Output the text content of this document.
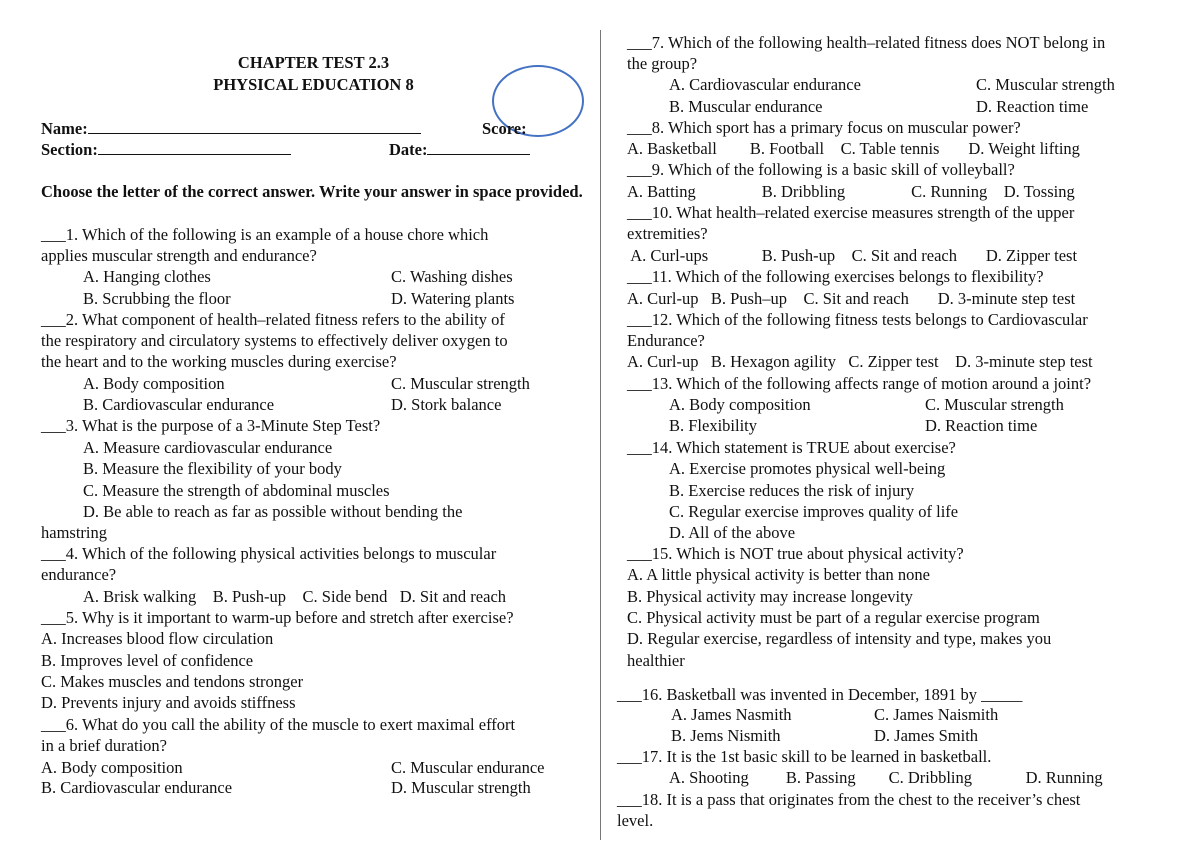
CHAPTER TEST 2.3
PHYSICAL EDUCATION 8
Name:	Score:
Section:	Date:
Choose the letter of the correct answer. Write your answer in space provided.
___1. Which of the following is an example of a house chore which
applies muscular strength and endurance?
A. Hanging clothes	C. Washing dishes
B. Scrubbing the floor	D. Watering plants
___2. What component of health–related fitness refers to the ability of
the respiratory and circulatory systems to effectively deliver oxygen to
the heart and to the working muscles during exercise?
A. Body composition	C. Muscular strength
B. Cardiovascular endurance	D. Stork balance
___3. What is the purpose of a 3-Minute Step Test?
A. Measure cardiovascular endurance
B. Measure the flexibility of your body
C. Measure the strength of abdominal muscles
D. Be able to reach as far as possible without bending the
hamstring
___4. Which of the following physical activities belongs to muscular
endurance?
A. Brisk walking    B. Push-up    C. Side bend   D. Sit and reach
___5. Why is it important to warm-up before and stretch after exercise?
A. Increases blood flow circulation
B. Improves level of confidence
C. Makes muscles and tendons stronger
D. Prevents injury and avoids stiffness
___6. What do you call the ability of the muscle to exert maximal effort
in a brief duration?
A. Body composition	C. Muscular endurance
B. Cardiovascular endurance	D. Muscular strength
___7. Which of the following health–related fitness does NOT belong in
the group?
A. Cardiovascular endurance	C. Muscular strength
B. Muscular endurance	D. Reaction time
___8. Which sport has a primary focus on muscular power?
A. Basketball        B. Football    C. Table tennis       D. Weight lifting
___9. Which of the following is a basic skill of volleyball?
A. Batting                B. Dribbling                C. Running    D. Tossing
___10. What health–related exercise measures strength of the upper
extremities?
A. Curl-ups             B. Push-up    C. Sit and reach       D. Zipper test
___11. Which of the following exercises belongs to flexibility?
A. Curl-up   B. Push–up    C. Sit and reach       D. 3-minute step test
___12. Which of the following fitness tests belongs to Cardiovascular
Endurance?
A. Curl-up   B. Hexagon agility   C. Zipper test    D. 3-minute step test
___13. Which of the following affects range of motion around a joint?
A. Body composition	C. Muscular strength
B. Flexibility	D. Reaction time
___14. Which statement is TRUE about exercise?
A. Exercise promotes physical well-being
B. Exercise reduces the risk of injury
C. Regular exercise improves quality of life
D. All of the above
___15. Which is NOT true about physical activity?
A. A little physical activity is better than none
B. Physical activity may increase longevity
C. Physical activity must be part of a regular exercise program
D. Regular exercise, regardless of intensity and type, makes you
healthier
___16. Basketball was invented in December, 1891 by _____
A. James Nasmith	C. James Naismith
B. Jems Nismith	D. James Smith
___17. It is the 1st basic skill to be learned in basketball.
A. Shooting         B. Passing        C. Dribbling             D. Running
___18. It is a pass that originates from the chest to the receiver’s chest
level.
